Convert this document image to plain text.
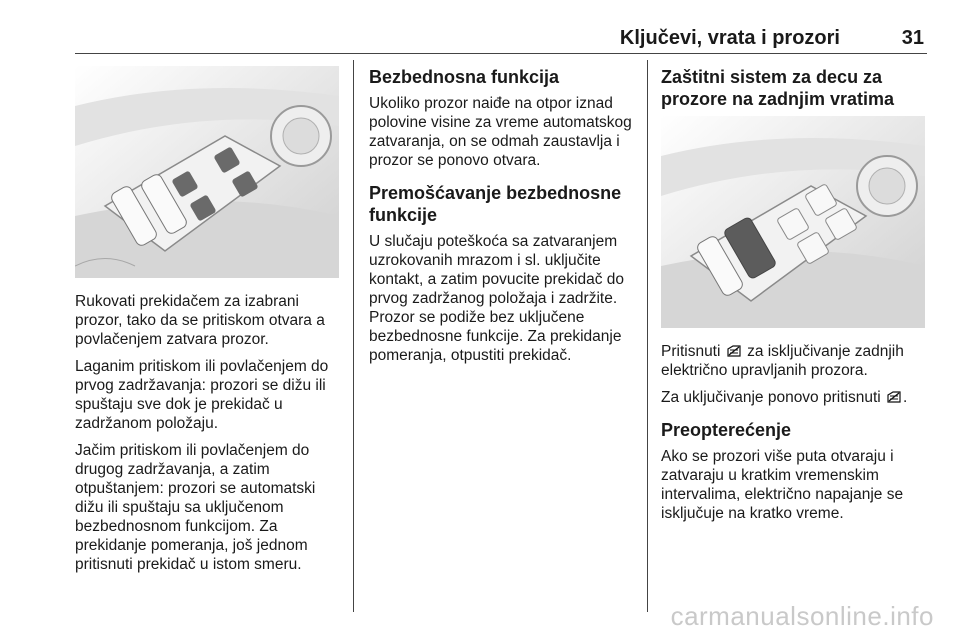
Ključevi, vrata i prozori	31

Rukovati prekidačem za izabrani prozor, tako da se pritiskom otvara a povlačenjem zatvara prozor.

Laganim pritiskom ili povlačenjem do prvog zadržavanja: prozori se dižu ili spuštaju sve dok je prekidač u zadržanom položaju.

Jačim pritiskom ili povlačenjem do drugog zadržavanja, a zatim otpuštanjem: prozori se automatski dižu ili spuštaju sa uključenom bezbednosnom funkcijom. Za prekidanje pomeranja, još jednom pritisnuti prekidač u istom smeru.

Bezbednosna funkcija

Ukoliko prozor naiđe na otpor iznad polovine visine za vreme automatskog zatvaranja, on se odmah zaustavlja i prozor se ponovo otvara.

Premošćavanje bezbednosne funkcije

U slučaju poteškoća sa zatvaranjem uzrokovanih mrazom i sl. uključite kontakt, a zatim povucite prekidač do prvog zadržanog položaja i zadržite. Prozor se podiže bez uključene bezbednosne funkcije. Za prekidanje pomeranja, otpustiti prekidač.

Zaštitni sistem za decu za prozore na zadnjim vratima

Pritisnuti za isključivanje zadnjih električno upravljanih prozora.

Za uključivanje ponovo pritisnuti .

Preopterećenje

Ako se prozori više puta otvaraju i zatvaraju u kratkim vremenskim intervalima, električno napajanje se isključuje na kratko vreme.

carmanualsonline.info
